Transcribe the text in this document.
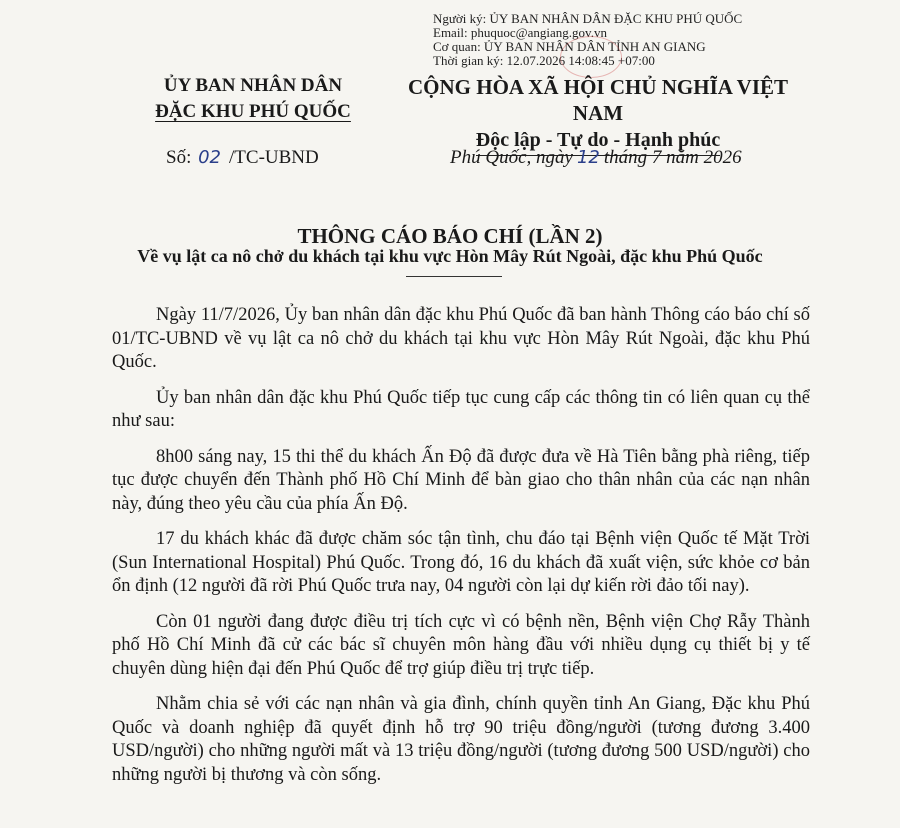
Người ký: ỦY BAN NHÂN DÂN ĐẶC KHU PHÚ QUỐC
Email: phuquoc@angiang.gov.vn
Cơ quan: ỦY BAN NHÂN DÂN TỈNH AN GIANG
Thời gian ký: 12.07.2026 14:08:45 +07:00
ỦY BAN NHÂN DÂN
ĐẶC KHU PHÚ QUỐC
CỘNG HÒA XÃ HỘI CHỦ NGHĨA VIỆT NAM
Độc lập - Tự do - Hạnh phúc
Số: 02 /TC-UBND	Phú Quốc, ngày 12 tháng 7 năm 2026
THÔNG CÁO BÁO CHÍ (LẦN 2)
Về vụ lật ca nô chở du khách tại khu vực Hòn Mây Rút Ngoài, đặc khu Phú Quốc

Ngày 11/7/2026, Ủy ban nhân dân đặc khu Phú Quốc đã ban hành Thông cáo báo chí số 01/TC-UBND về vụ lật ca nô chở du khách tại khu vực Hòn Mây Rút Ngoài, đặc khu Phú Quốc.

Ủy ban nhân dân đặc khu Phú Quốc tiếp tục cung cấp các thông tin có liên quan cụ thể như sau:

8h00 sáng nay, 15 thi thể du khách Ấn Độ đã được đưa về Hà Tiên bằng phà riêng, tiếp tục được chuyển đến Thành phố Hồ Chí Minh để bàn giao cho thân nhân của các nạn nhân này, đúng theo yêu cầu của phía Ấn Độ.

17 du khách khác đã được chăm sóc tận tình, chu đáo tại Bệnh viện Quốc tế Mặt Trời (Sun International Hospital) Phú Quốc. Trong đó, 16 du khách đã xuất viện, sức khỏe cơ bản ổn định (12 người đã rời Phú Quốc trưa nay, 04 người còn lại dự kiến rời đảo tối nay).

Còn 01 người đang được điều trị tích cực vì có bệnh nền, Bệnh viện Chợ Rẫy Thành phố Hồ Chí Minh đã cử các bác sĩ chuyên môn hàng đầu với nhiều dụng cụ thiết bị y tế chuyên dùng hiện đại đến Phú Quốc để trợ giúp điều trị trực tiếp.

Nhằm chia sẻ với các nạn nhân và gia đình, chính quyền tỉnh An Giang, Đặc khu Phú Quốc và doanh nghiệp đã quyết định hỗ trợ 90 triệu đồng/người (tương đương 3.400 USD/người) cho những người mất và 13 triệu đồng/người (tương đương 500 USD/người) cho những người bị thương và còn sống.
